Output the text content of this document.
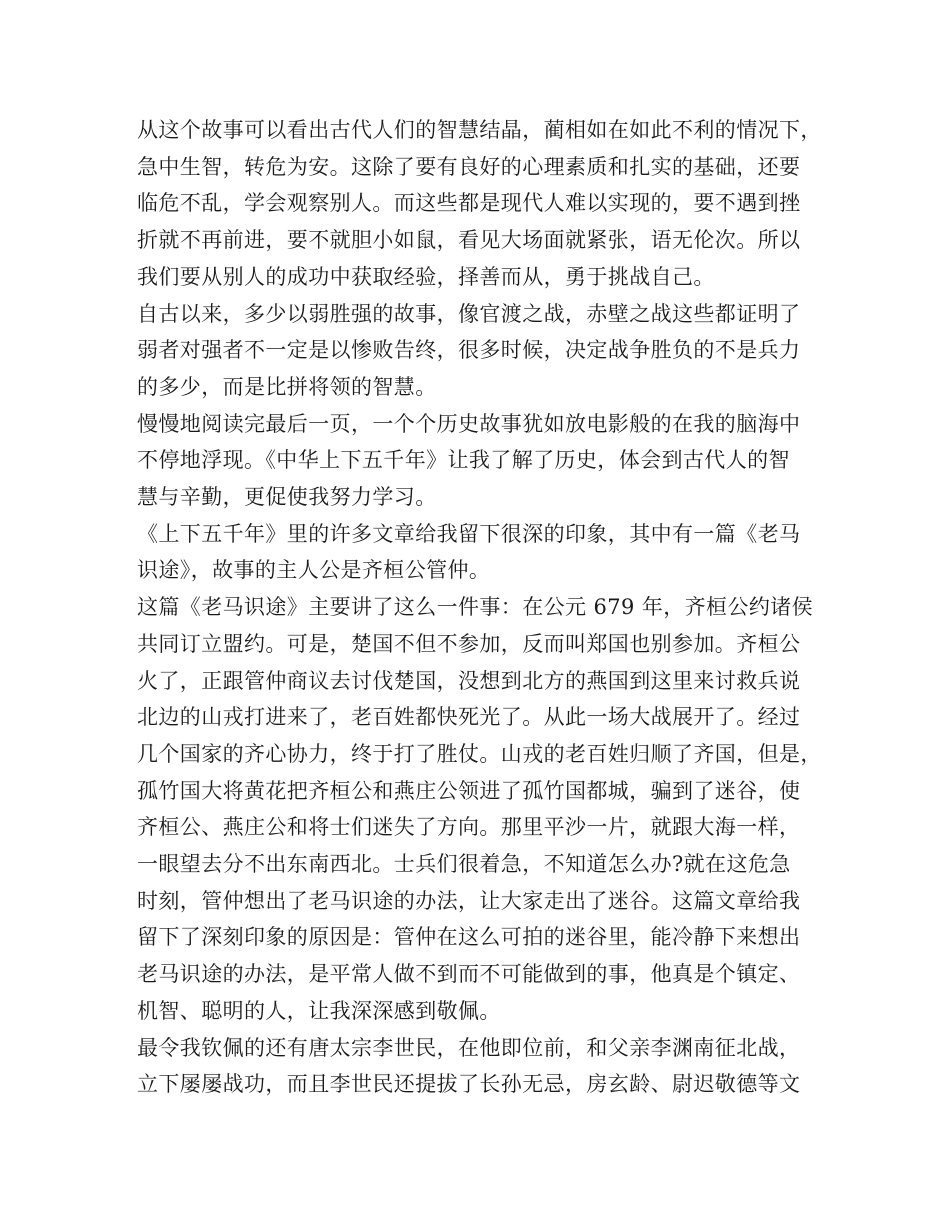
从这个故事可以看出古代人们的智慧结晶，蔺相如在如此不利的情况下，
急中生智，转危为安。这除了要有良好的心理素质和扎实的基础，还要
临危不乱，学会观察别人。而这些都是现代人难以实现的，要不遇到挫
折就不再前进，要不就胆小如鼠，看见大场面就紧张，语无伦次。所以
我们要从别人的成功中获取经验，择善而从，勇于挑战自己。

自古以来，多少以弱胜强的故事，像官渡之战，赤壁之战这些都证明了
弱者对强者不一定是以惨败告终，很多时候，决定战争胜负的不是兵力
的多少，而是比拼将领的智慧。

慢慢地阅读完最后一页，一个个历史故事犹如放电影般的在我的脑海中
不停地浮现。《中华上下五千年》让我了解了历史，体会到古代人的智
慧与辛勤，更促使我努力学习。

《上下五千年》里的许多文章给我留下很深的印象，其中有一篇《老马
识途》，故事的主人公是齐桓公管仲。

这篇《老马识途》主要讲了这么一件事：在公元 679 年，齐桓公约诸侯
共同订立盟约。可是，楚国不但不参加，反而叫郑国也别参加。齐桓公
火了，正跟管仲商议去讨伐楚国，没想到北方的燕国到这里来讨救兵说
北边的山戎打进来了，老百姓都快死光了。从此一场大战展开了。经过
几个国家的齐心协力，终于打了胜仗。山戎的老百姓归顺了齐国，但是，
孤竹国大将黄花把齐桓公和燕庄公领进了孤竹国都城，骗到了迷谷，使
齐桓公、燕庄公和将士们迷失了方向。那里平沙一片，就跟大海一样，
一眼望去分不出东南西北。士兵们很着急，不知道怎么办?就在这危急
时刻，管仲想出了老马识途的办法，让大家走出了迷谷。这篇文章给我
留下了深刻印象的原因是：管仲在这么可拍的迷谷里，能冷静下来想出
老马识途的办法，是平常人做不到而不可能做到的事，他真是个镇定、
机智、聪明的人，让我深深感到敬佩。

最令我钦佩的还有唐太宗李世民，在他即位前，和父亲李渊南征北战，
立下屡屡战功，而且李世民还提拔了长孙无忌，房玄龄、尉迟敬德等文
